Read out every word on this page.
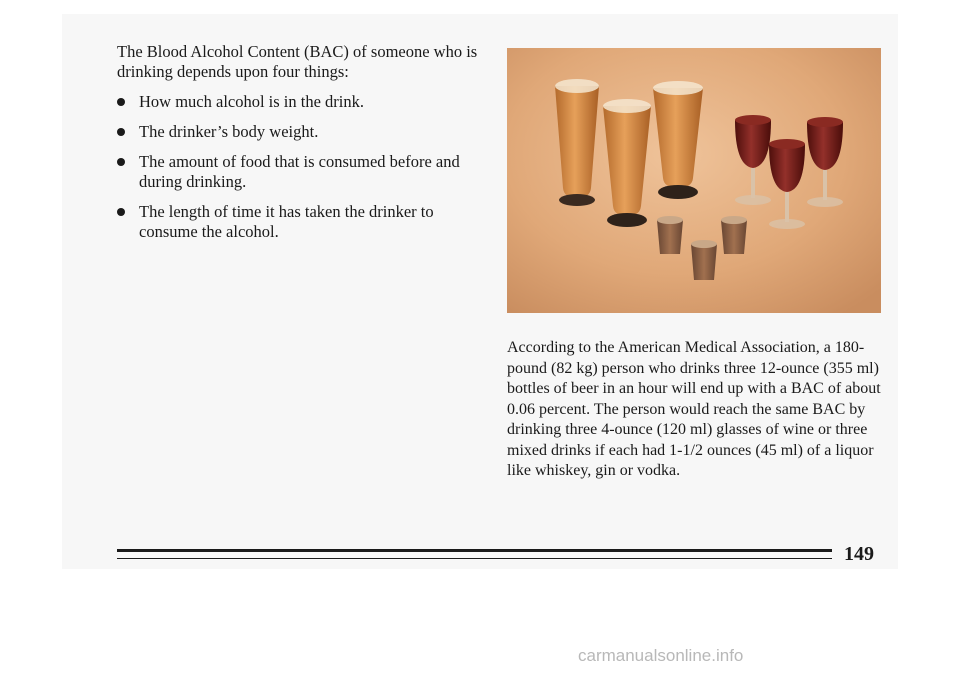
The Blood Alcohol Content (BAC) of someone who is drinking depends upon four things:

How much alcohol is in the drink.
The drinker’s body weight.
The amount of food that is consumed before and during drinking.
The length of time it has taken the drinker to consume the alcohol.

According to the American Medical Association, a 180-pound (82 kg) person who drinks three 12-ounce (355 ml) bottles of beer in an hour will end up with a BAC of about 0.06 percent. The person would reach the same BAC by drinking three 4-ounce (120 ml) glasses of wine or three mixed drinks if each had 1-1/2 ounces (45 ml) of a liquor like whiskey, gin or vodka.

149
carmanualsonline.info
